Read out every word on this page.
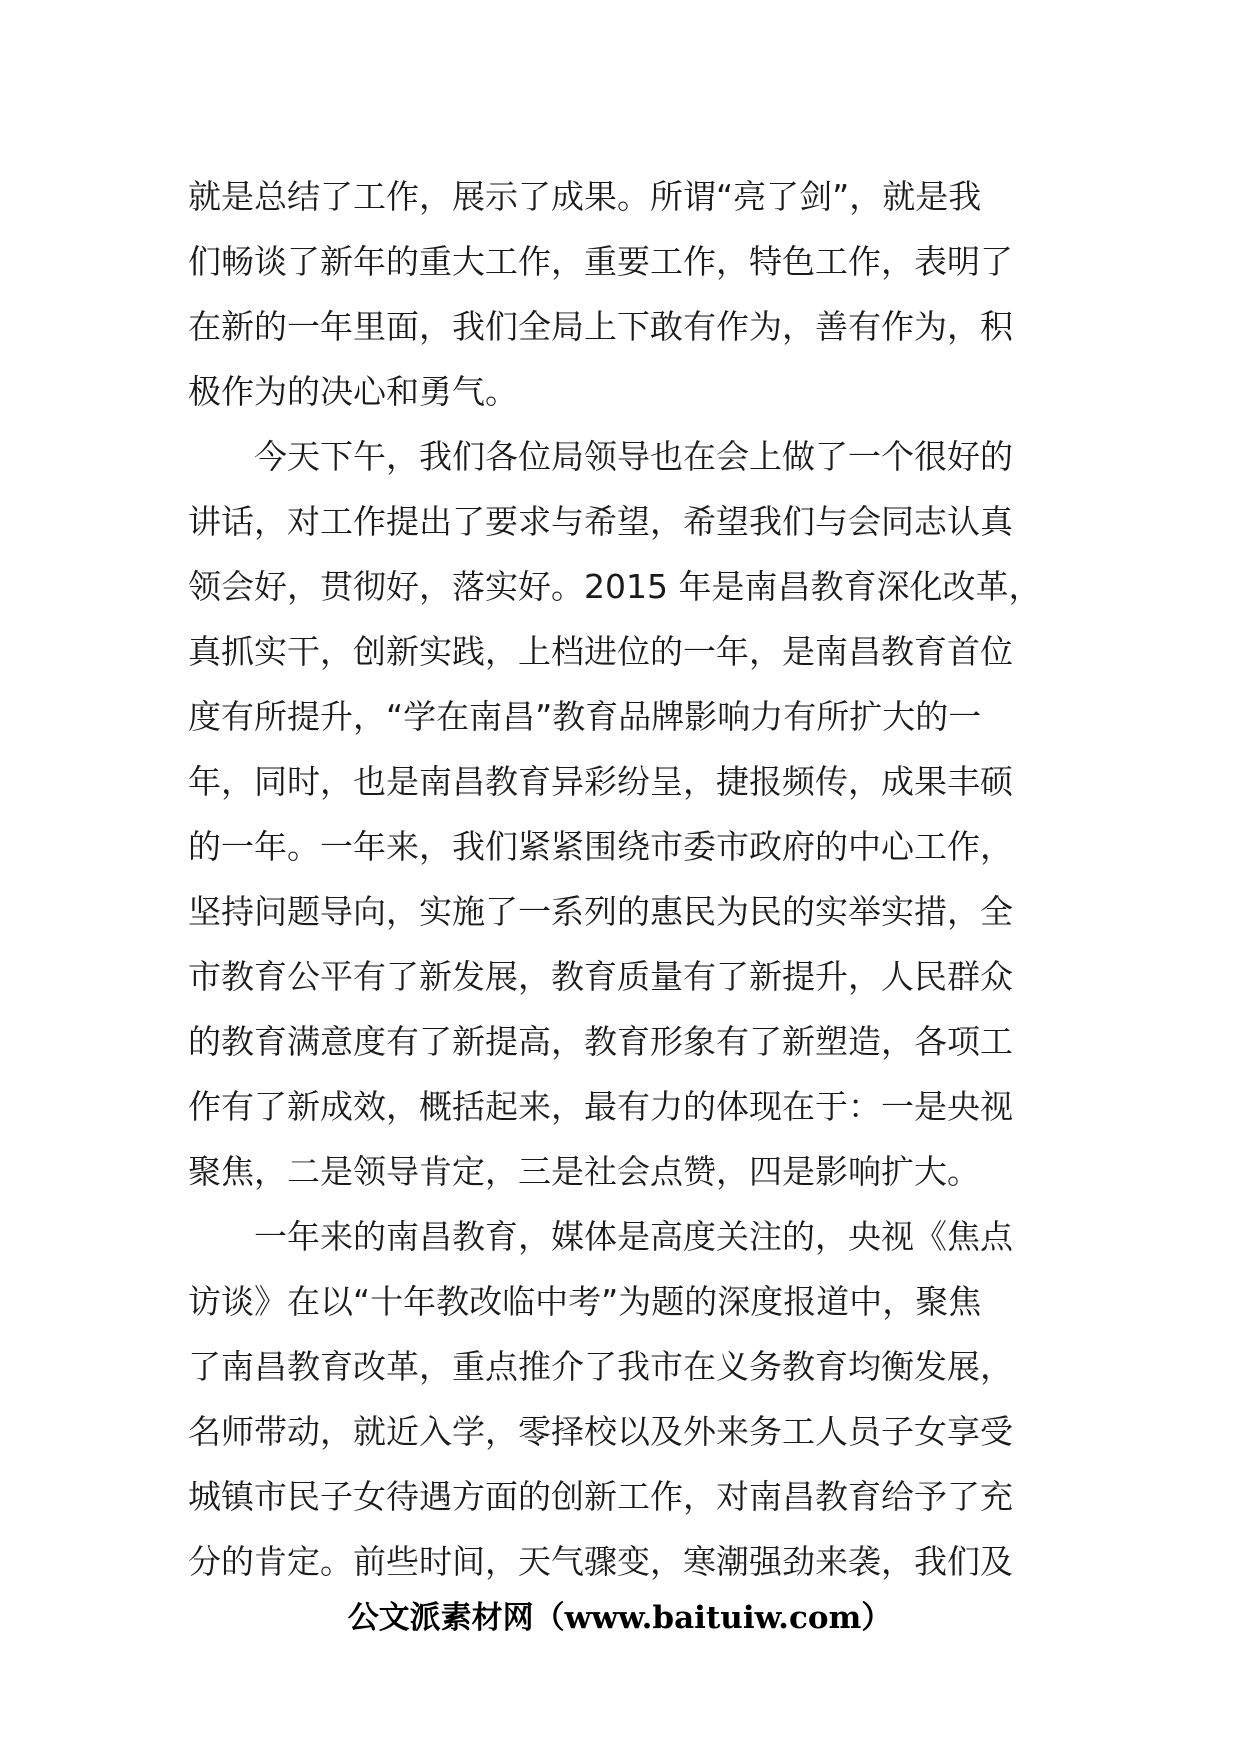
就是总结了工作，展示了成果。所谓“亮了剑”，就是我
们畅谈了新年的重大工作，重要工作，特色工作，表明了
在新的一年里面，我们全局上下敢有作为，善有作为，积
极作为的决心和勇气。
　　今天下午，我们各位局领导也在会上做了一个很好的
讲话，对工作提出了要求与希望，希望我们与会同志认真
领会好，贯彻好，落实好。2015 年是南昌教育深化改革，
真抓实干，创新实践，上档进位的一年，是南昌教育首位
度有所提升，“学在南昌”教育品牌影响力有所扩大的一
年，同时，也是南昌教育异彩纷呈，捷报频传，成果丰硕
的一年。一年来，我们紧紧围绕市委市政府的中心工作，
坚持问题导向，实施了一系列的惠民为民的实举实措，全
市教育公平有了新发展，教育质量有了新提升，人民群众
的教育满意度有了新提高，教育形象有了新塑造，各项工
作有了新成效，概括起来，最有力的体现在于：一是央视
聚焦，二是领导肯定，三是社会点赞，四是影响扩大。
　　一年来的南昌教育，媒体是高度关注的，央视《焦点
访谈》在以“十年教改临中考”为题的深度报道中，聚焦
了南昌教育改革，重点推介了我市在义务教育均衡发展，
名师带动，就近入学，零择校以及外来务工人员子女享受
城镇市民子女待遇方面的创新工作，对南昌教育给予了充
分的肯定。前些时间，天气骤变，寒潮强劲来袭，我们及
公文派素材网（www.baituiw.com）
